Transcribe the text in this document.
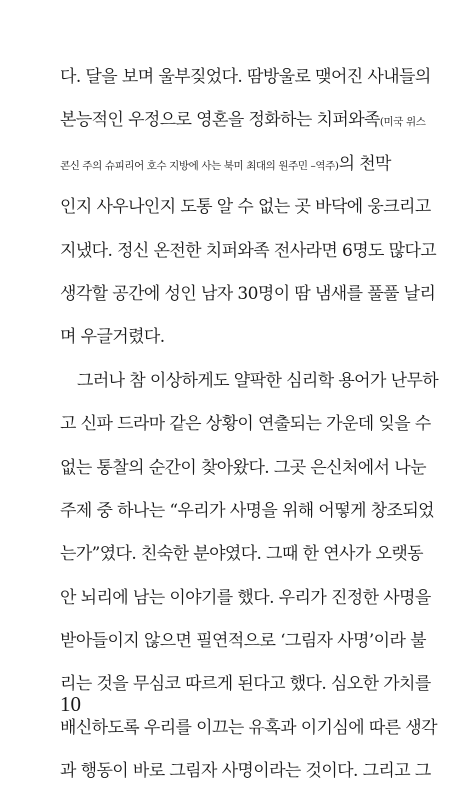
다. 달을 보며 울부짖었다. 땀방울로 맺어진 사내들의
본능적인 우정으로 영혼을 정화하는 치퍼와족(미국 위스
콘신 주의 슈피리어 호수 지방에 사는 북미 최대의 원주민 –역주)의 천막
인지 사우나인지 도통 알 수 없는 곳 바닥에 웅크리고
지냈다. 정신 온전한 치퍼와족 전사라면 6명도 많다고
생각할 공간에 성인 남자 30명이 땀 냄새를 풀풀 날리
며 우글거렸다.
그러나 참 이상하게도 얄팍한 심리학 용어가 난무하
고 신파 드라마 같은 상황이 연출되는 가운데 잊을 수
없는 통찰의 순간이 찾아왔다. 그곳 은신처에서 나눈
주제 중 하나는 “우리가 사명을 위해 어떻게 창조되었
는가”였다. 친숙한 분야였다. 그때 한 연사가 오랫동
안 뇌리에 남는 이야기를 했다. 우리가 진정한 사명을
받아들이지 않으면 필연적으로 ‘그림자 사명’이라 불
리는 것을 무심코 따르게 된다고 했다. 심오한 가치를
배신하도록 우리를 이끄는 유혹과 이기심에 따른 생각
과 행동이 바로 그림자 사명이라는 것이다. 그리고 그
10
